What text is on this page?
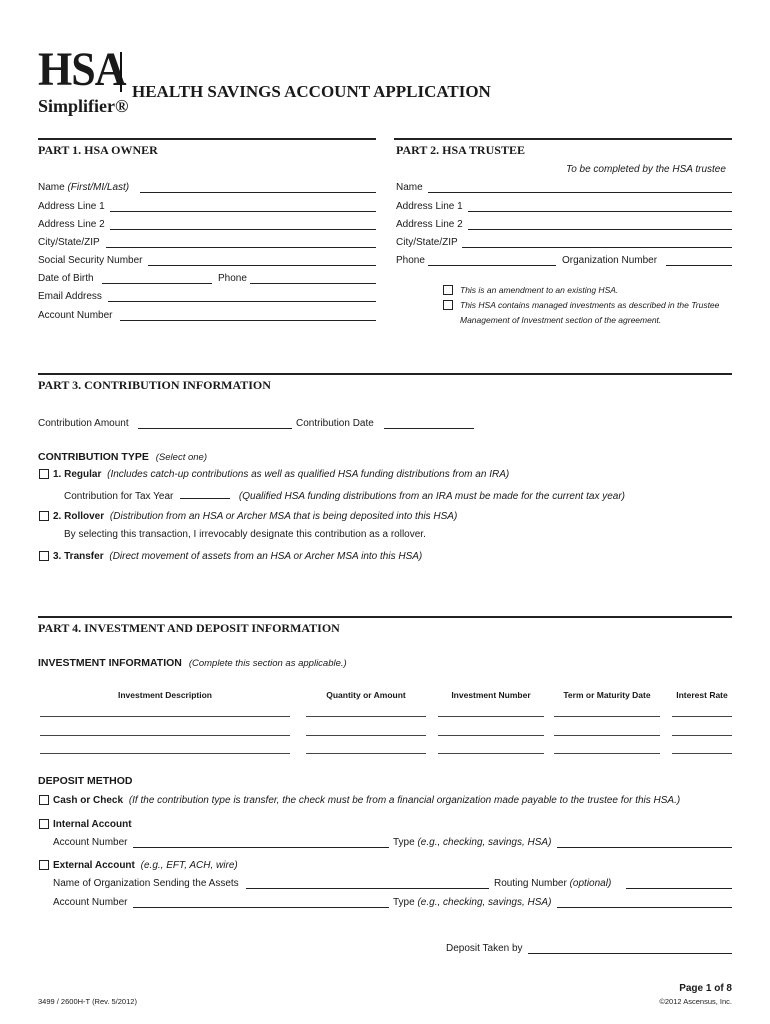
HSA
Simplifier®
HEALTH SAVINGS ACCOUNT APPLICATION
PART 1. HSA OWNER	PART 2. HSA TRUSTEE
To be completed by the HSA trustee
Name (First/MI/Last)
Address Line 1
Address Line 2
City/State/ZIP
Social Security Number
Date of Birth	Phone
Email Address
Account Number
Name
Address Line 1
Address Line 2
City/State/ZIP
Phone	Organization Number
This is an amendment to an existing HSA.
This HSA contains managed investments as described in the Trustee
Management of Investment section of the agreement.
PART 3. CONTRIBUTION INFORMATION
Contribution Amount	Contribution Date
CONTRIBUTION TYPE (Select one)
1. Regular (Includes catch-up contributions as well as qualified HSA funding distributions from an IRA)
Contribution for Tax Year	(Qualified HSA funding distributions from an IRA must be made for the current tax year)
2. Rollover (Distribution from an HSA or Archer MSA that is being deposited into this HSA)
By selecting this transaction, I irrevocably designate this contribution as a rollover.
3. Transfer (Direct movement of assets from an HSA or Archer MSA into this HSA)
PART 4. INVESTMENT AND DEPOSIT INFORMATION
INVESTMENT INFORMATION (Complete this section as applicable.)
Investment Description	Quantity or Amount	Investment Number	Term or Maturity Date	Interest Rate
DEPOSIT METHOD
Cash or Check (If the contribution type is transfer, the check must be from a financial organization made payable to the trustee for this HSA.)
Internal Account
Account Number	Type (e.g., checking, savings, HSA)
External Account (e.g., EFT, ACH, wire)
Name of Organization Sending the Assets	Routing Number (optional)
Account Number	Type (e.g., checking, savings, HSA)
Deposit Taken by
3499 / 2600H-T (Rev. 5/2012)
Page 1 of 8
©2012 Ascensus, Inc.
